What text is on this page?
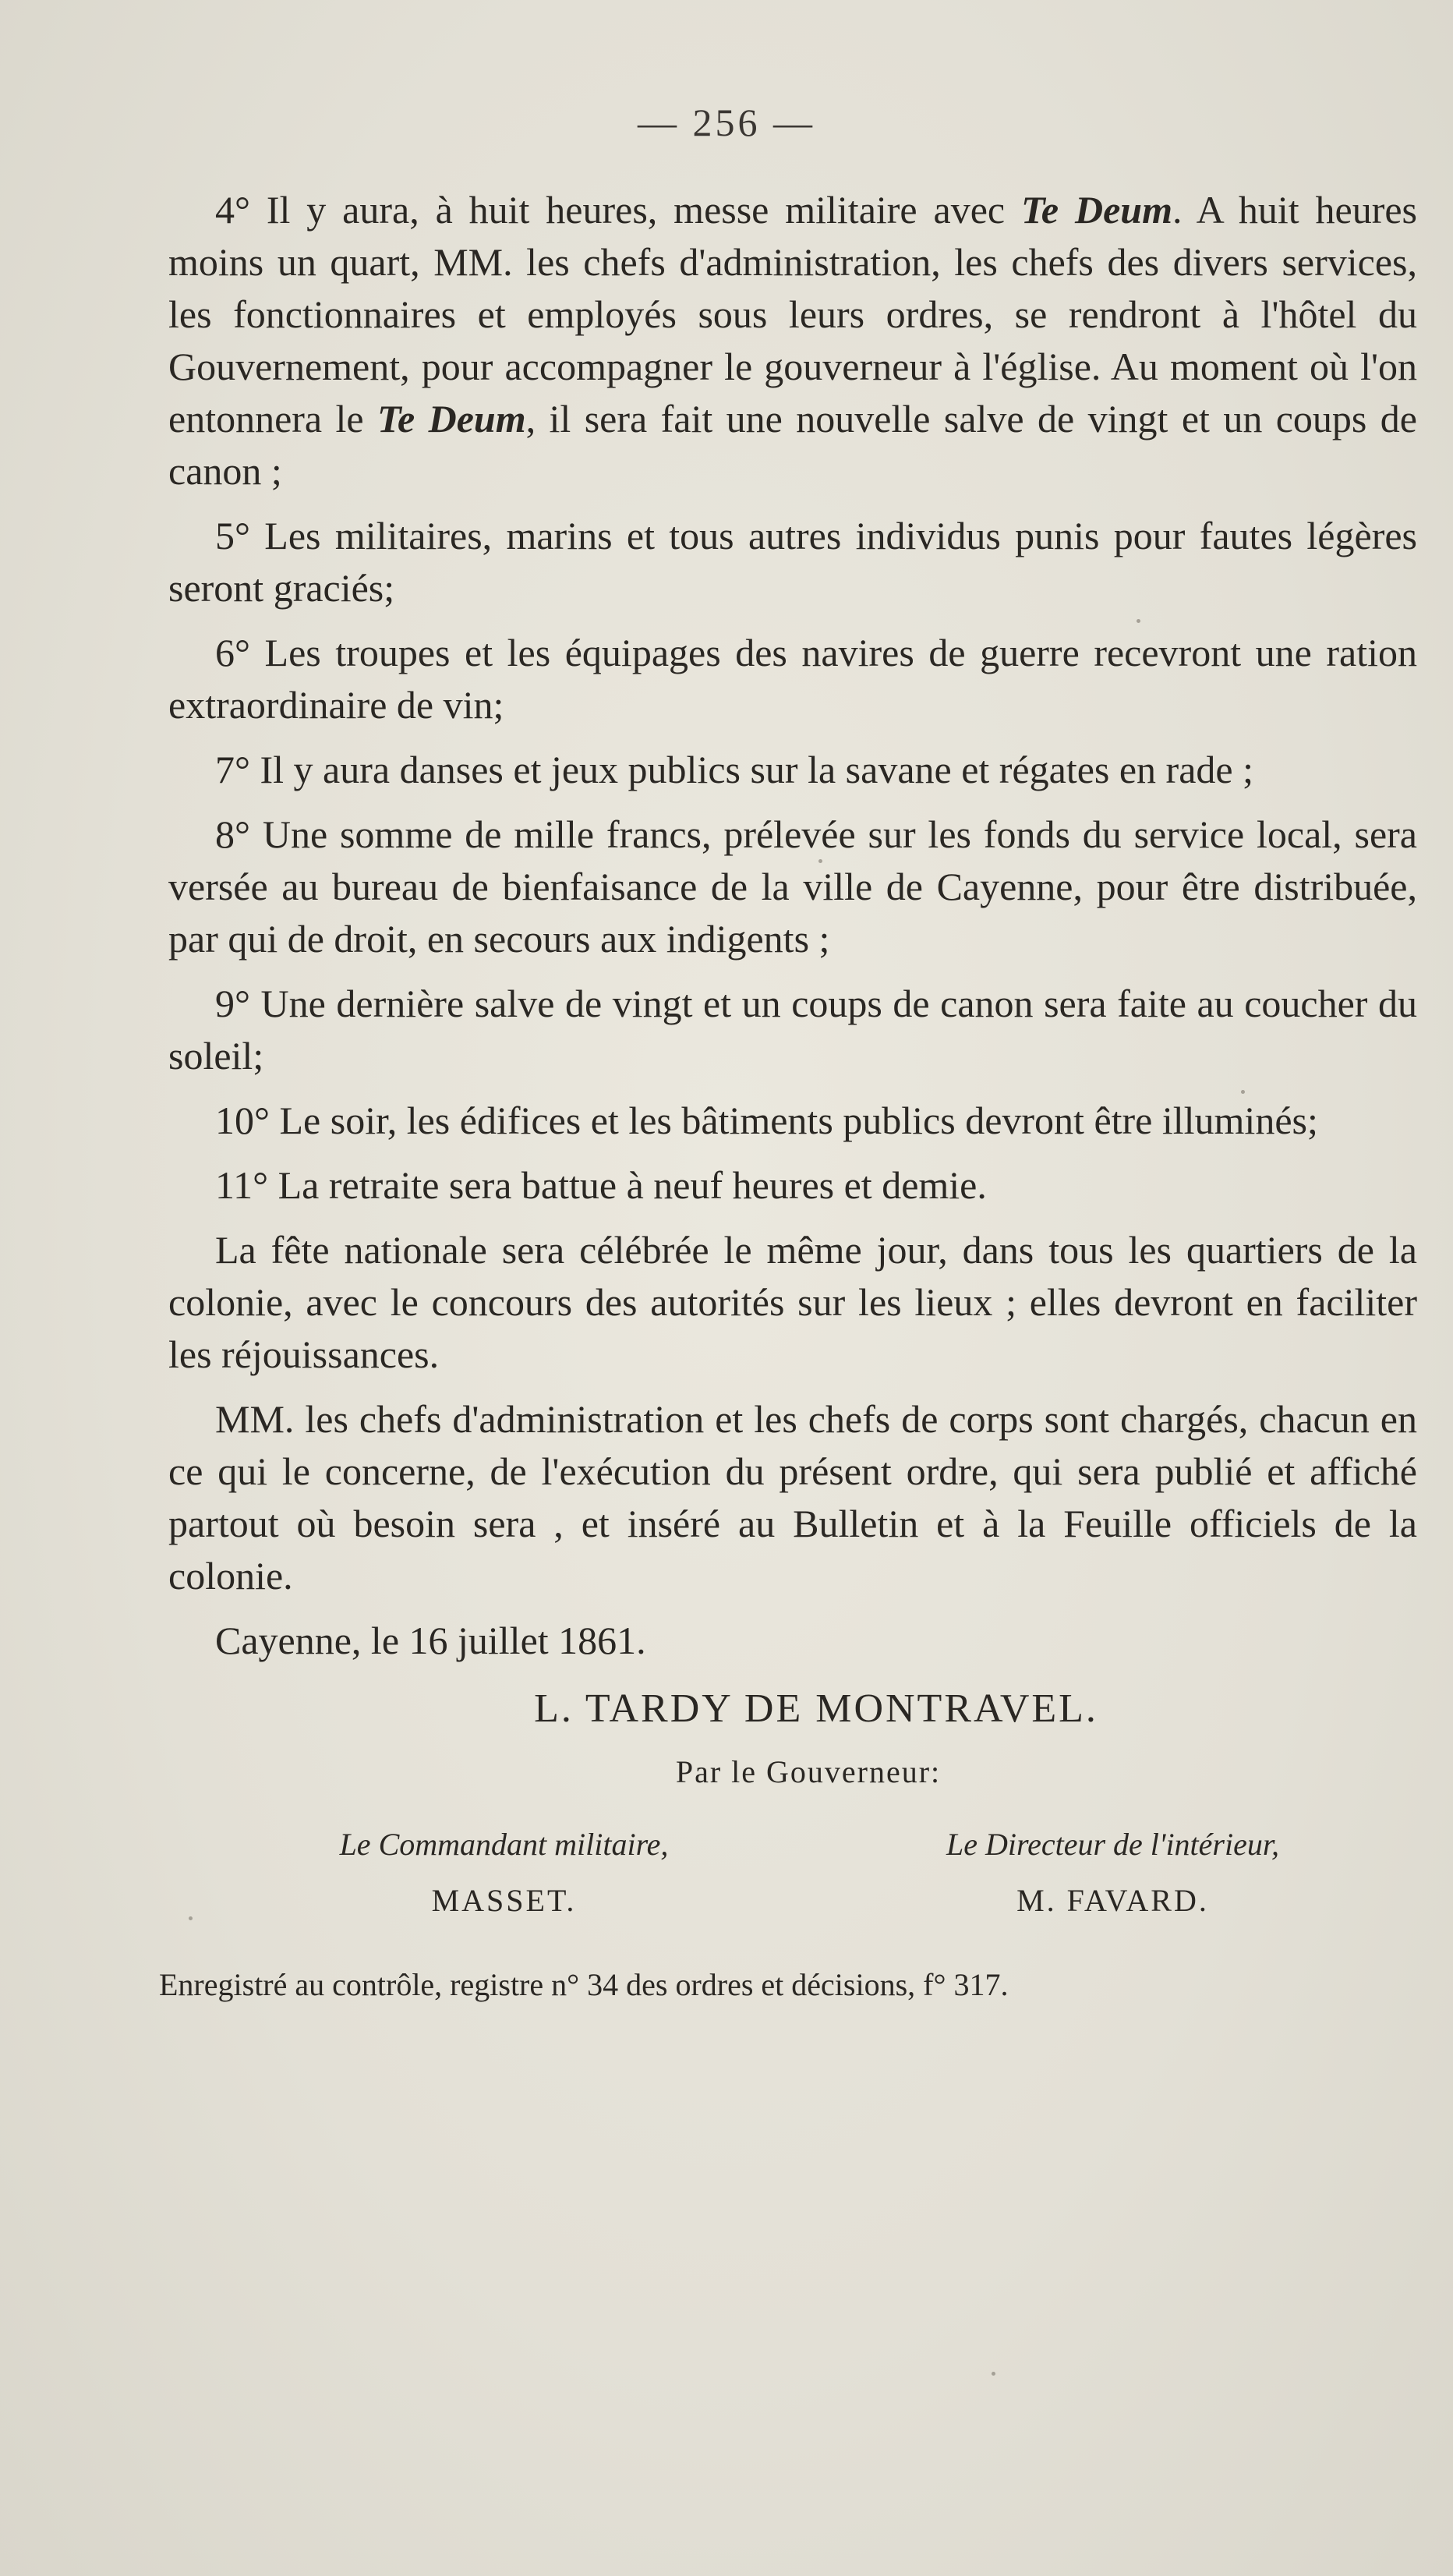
— 256 —

4° Il y aura, à huit heures, messe militaire avec Te Deum. A huit heures moins un quart, MM. les chefs d'administration, les chefs des divers services, les fonctionnaires et employés sous leurs ordres, se rendront à l'hôtel du Gouvernement, pour accompagner le gouverneur à l'église. Au moment où l'on entonnera le Te Deum, il sera fait une nouvelle salve de vingt et un coups de canon ;

5° Les militaires, marins et tous autres individus punis pour fautes légères seront graciés;

6° Les troupes et les équipages des navires de guerre recevront une ration extraordinaire de vin;

7° Il y aura danses et jeux publics sur la savane et régates en rade ;

8° Une somme de mille francs, prélevée sur les fonds du service local, sera versée au bureau de bienfaisance de la ville de Cayenne, pour être distribuée, par qui de droit, en secours aux indigents ;

9° Une dernière salve de vingt et un coups de canon sera faite au coucher du soleil;

10° Le soir, les édifices et les bâtiments publics devront être illuminés;

11° La retraite sera battue à neuf heures et demie.

La fête nationale sera célébrée le même jour, dans tous les quartiers de la colonie, avec le concours des autorités sur les lieux ; elles devront en faciliter les réjouissances.

MM. les chefs d'administration et les chefs de corps sont chargés, chacun en ce qui le concerne, de l'exécution du présent ordre, qui sera publié et affiché partout où besoin sera , et inséré au Bulletin et à la Feuille officiels de la colonie.

Cayenne, le 16 juillet 1861.

L. TARDY DE MONTRAVEL.
Par le Gouverneur:
Le Commandant militaire,
MASSET.
Le Directeur de l'intérieur,
M. FAVARD.
Enregistré au contrôle, registre n° 34 des ordres et décisions, f° 317.
